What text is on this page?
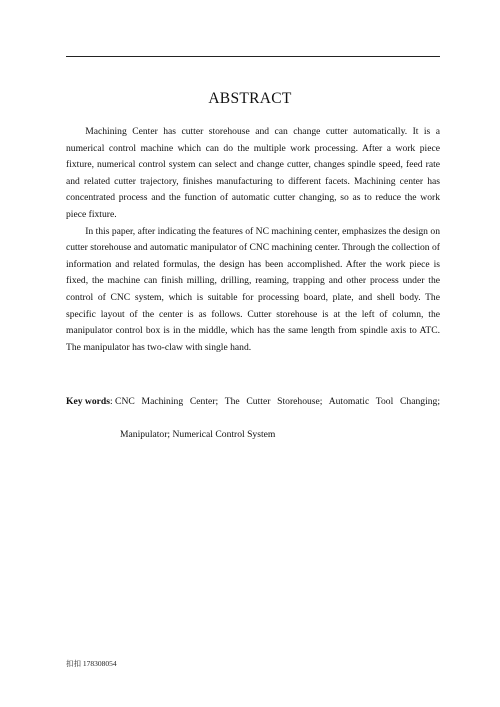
ABSTRACT

Machining Center has cutter storehouse and can change cutter automatically. It is a numerical control machine which can do the multiple work processing. After a work piece fixture, numerical control system can select and change cutter, changes spindle speed, feed rate and related cutter trajectory, finishes manufacturing to different facets. Machining center has concentrated process and the function of automatic cutter changing, so as to reduce the work piece fixture.

In this paper, after indicating the features of NC machining center, emphasizes the design on cutter storehouse and automatic manipulator of CNC machining center. Through the collection of information and related formulas, the design has been accomplished. After the work piece is fixed, the machine can finish milling, drilling, reaming, trapping and other process under the control of CNC system, which is suitable for processing board, plate, and shell body. The specific layout of the center is as follows. Cutter storehouse is at the left of column, the manipulator control box is in the middle, which has the same length from spindle axis to ATC. The manipulator has two-claw with single hand.

Key words : CNC Machining Center; The Cutter Storehouse; Automatic Tool Changing;
Manipulator; Numerical Control System
扣扣 178308054
